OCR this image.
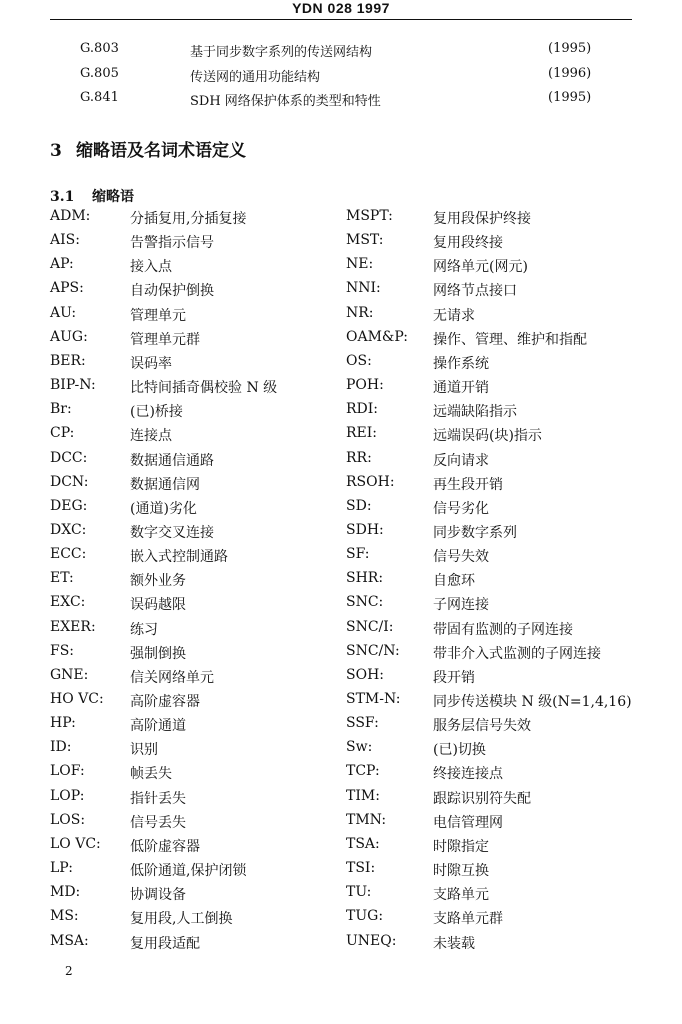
YDN 028 1997
G.803	基于同步数字系列的传送网结构	(1995)
G.805	传送网的通用功能结构	(1996)
G.841	SDH 网络保护体系的类型和特性	(1995)
3 缩略语及名词术语定义
3.1 缩略语
ADM:	分插复用,分插复接
AIS:	告警指示信号
AP:	接入点
APS:	自动保护倒换
AU:	管理单元
AUG:	管理单元群
BER:	误码率
BIP-N: 比特间插奇偶校验 N 级
Br:	(已)桥接
CP:	连接点
DCC:	数据通信通路
DCN:	数据通信网
DEG:	(通道)劣化
DXC:	数字交叉连接
ECC:	嵌入式控制通路
ET:	额外业务
EXC:	误码越限
EXER: 练习
FS:	强制倒换
GNE:	信关网络单元
HO VC: 高阶虚容器
HP:	高阶通道
ID:	识别
LOF:	帧丢失
LOP:	指针丢失
LOS:	信号丢失
LO VC: 低阶虚容器
LP:	低阶通道,保护闭锁
MD:	协调设备
MS:	复用段,人工倒换
MSA:	复用段适配
MSPT:	复用段保护终接
MST:	复用段终接
NE:	网络单元(网元)
NNI:	网络节点接口
NR:	无请求
OAM&P: 操作、管理、维护和指配
OS:	操作系统
POH:	通道开销
RDI:	远端缺陷指示
REI:	远端误码(块)指示
RR:	反向请求
RSOH:	再生段开销
SD:	信号劣化
SDH:	同步数字系列
SF:	信号失效
SHR:	自愈环
SNC:	子网连接
SNC/I:	带固有监测的子网连接
SNC/N: 带非介入式监测的子网连接
SOH:	段开销
STM-N: 同步传送模块 N 级(N=1,4,16)
SSF:	服务层信号失效
Sw:	(已)切换
TCP:	终接连接点
TIM:	跟踪识别符失配
TMN:	电信管理网
TSA:	时隙指定
TSI:	时隙互换
TU:	支路单元
TUG:	支路单元群
UNEQ:	未装载
2
